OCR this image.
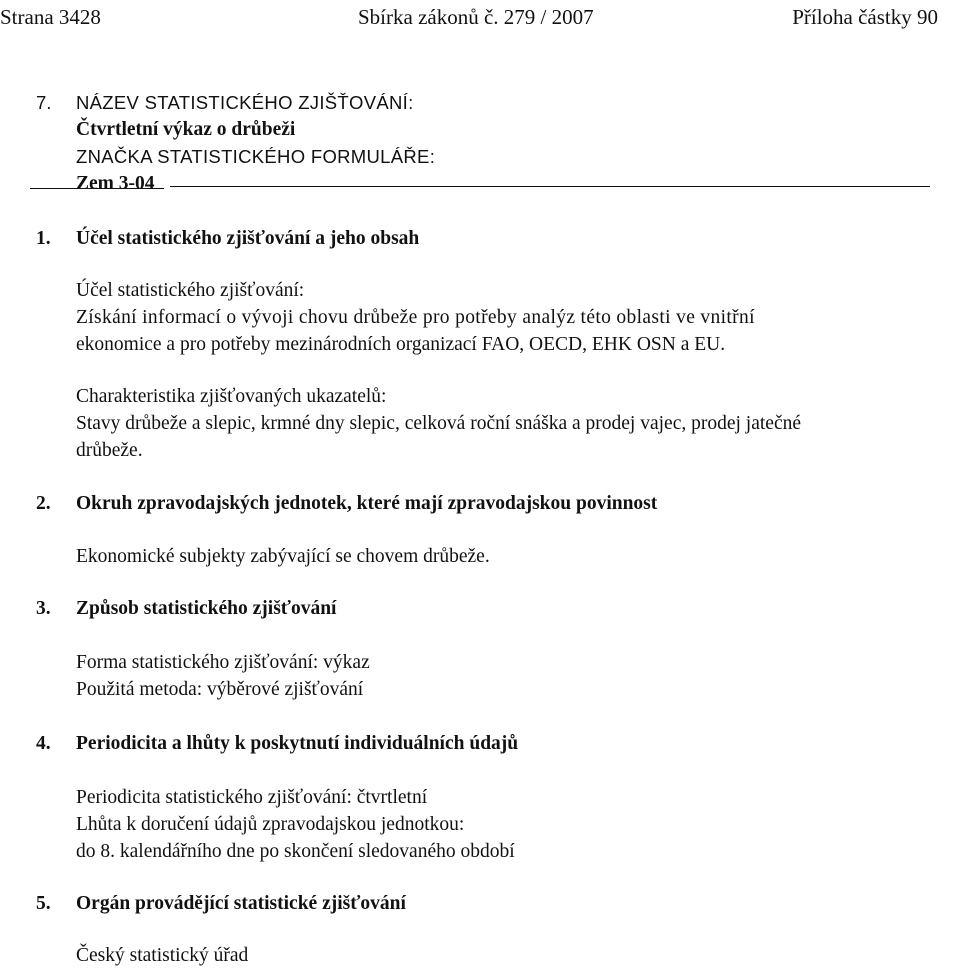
Strana 3428	Sbírka zákonů č. 279 / 2007	Příloha částky 90
7. NÁZEV STATISTICKÉHO ZJIŠŤOVÁNÍ:
Čtvrtletní výkaz o drůbeži
ZNAČKA STATISTICKÉHO FORMULÁŘE:
Zem 3-04
1. Účel statistického zjišťování a jeho obsah
Účel statistického zjišťování:
Získání informací o vývoji chovu drůbeže pro potřeby analýz této oblasti ve vnitřní
ekonomice a pro potřeby mezinárodních organizací FAO, OECD, EHK OSN a EU.
Charakteristika zjišťovaných ukazatelů:
Stavy drůbeže a slepic, krmné dny slepic, celková roční snáška a prodej vajec, prodej jatečné
drůbeže.
2. Okruh zpravodajských jednotek, které mají zpravodajskou povinnost
Ekonomické subjekty zabývající se chovem drůbeže.
3. Způsob statistického zjišťování
Forma statistického zjišťování: výkaz
Použitá metoda: výběrové zjišťování
4. Periodicita a lhůty k poskytnutí individuálních údajů
Periodicita statistického zjišťování: čtvrtletní
Lhůta k doručení údajů zpravodajskou jednotkou:
do 8. kalendářního dne po skončení sledovaného období
5. Orgán provádějící statistické zjišťování
Český statistický úřad
